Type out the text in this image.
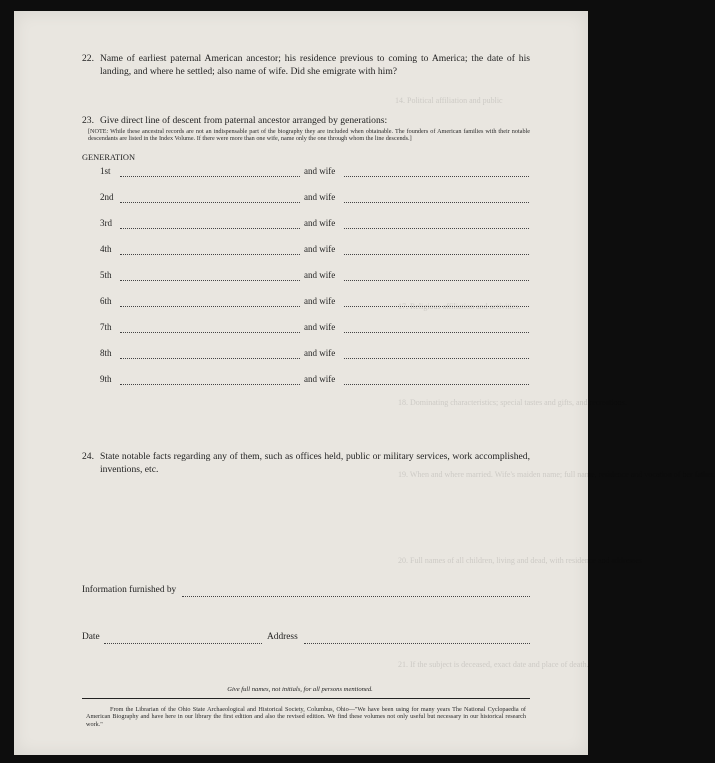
14. Political affiliation and public
17. Religious affiliation and activities.
18. Dominating characteristics; special tastes and gifts, and recreations.
19. When and where married. Wife's maiden name; full name, residence and vocation of her father.
20. Full names of all children, living and dead, with residence and addresses
21. If the subject is deceased, exact date and place of death.
22. Name of earliest paternal American ancestor; his residence previous to coming to America; the date of his landing, and where he settled; also name of wife. Did she emigrate with him?
23. Give direct line of descent from paternal ancestor arranged by generations:
[NOTE: While these ancestral records are not an indispensable part of the biography they are included when obtainable. The founders of American families with their notable descendants are listed in the Index Volume. If there were more than one wife, name only the one through whom the line descends.]
GENERATION
1st	and wife
2nd	and wife
3rd	and wife
4th	and wife
5th	and wife
6th	and wife
7th	and wife
8th	and wife
9th	and wife
24. State notable facts regarding any of them, such as offices held, public or military services, work accomplished, inventions, etc.
Information furnished by
Date	Address
Give full names, not initials, for all persons mentioned.
From the Librarian of the Ohio State Archaeological and Historical Society, Columbus, Ohio—"We have been using for many years The National Cyclopaedia of American Biography and have here in our library the first edition and also the revised edition. We find these volumes not only useful but necessary in our historical research work."
